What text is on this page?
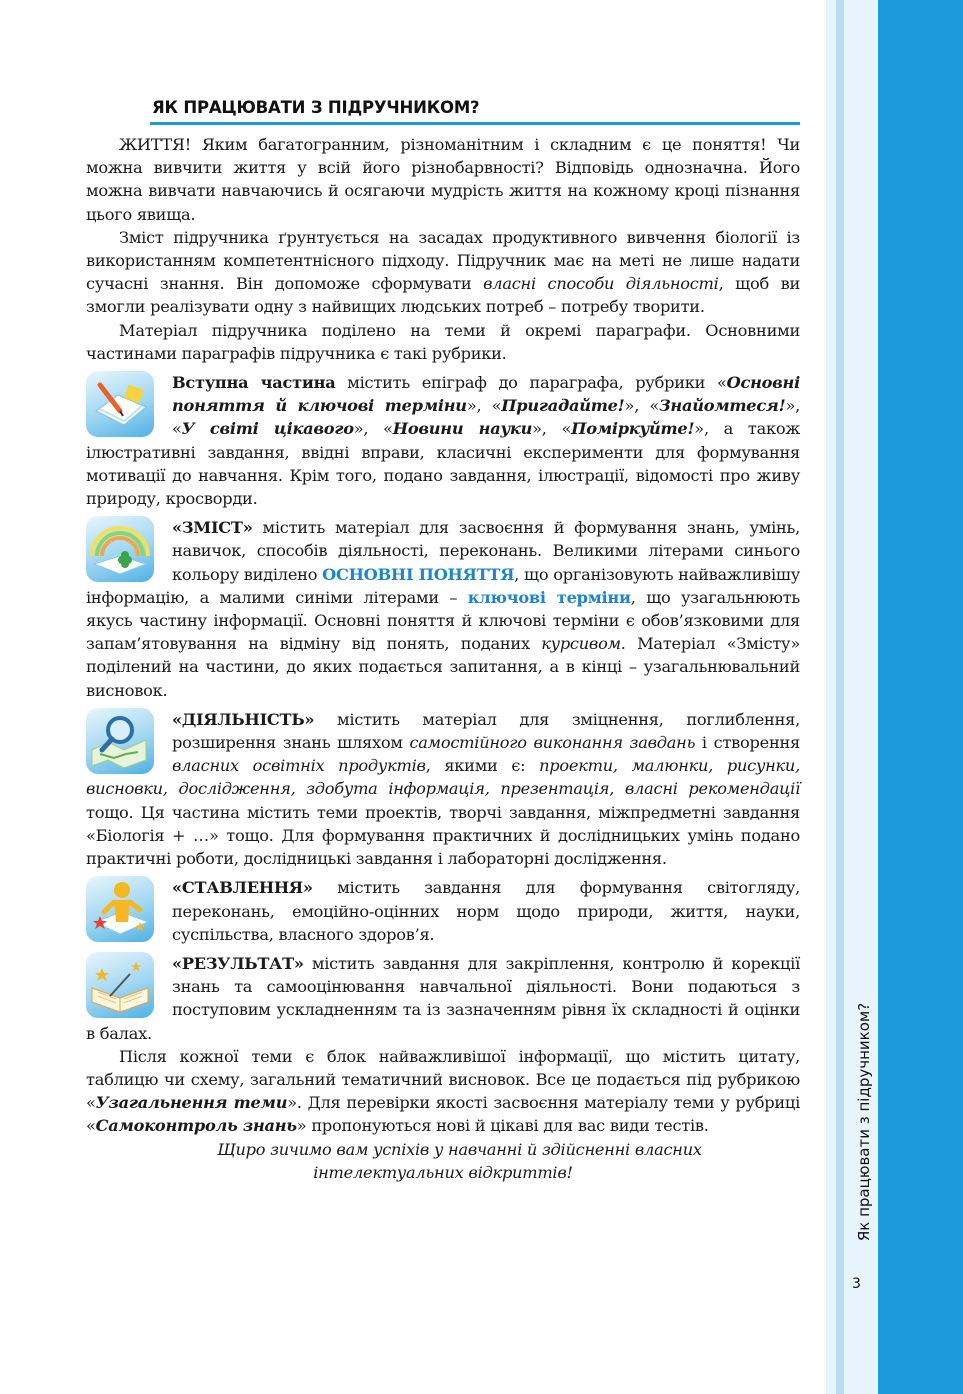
Як працювати з підручником?
3
ЯК ПРАЦЮВАТИ З ПІДРУЧНИКОМ?

ЖИТТЯ! Яким багатогранним, різноманітним і складним є це поняття! Чи можна вивчити життя у всій його різнобарвності? Відповідь однозначна. Його можна вивчати навчаючись й осягаючи мудрість життя на кожному кроці пізнання цього явища.

Зміст підручника ґрунтується на засадах продуктивного вивчення біології із використанням компетентнісного підходу. Підручник має на меті не лише надати сучасні знання. Він допоможе сформувати власні способи діяльності, щоб ви змогли реалізувати одну з найвищих людських потреб – потребу творити.

Матеріал підручника поділено на теми й окремі параграфи. Основними частинами параграфів підручника є такі рубрики.

Вступна частина містить епіграф до параграфа, рубрики «Основні поняття й ключові терміни», «Пригадайте!», «Знайомтеся!», «У світі цікавого», «Новини науки», «Поміркуйте!», а також ілюстративні завдання, ввідні вправи, класичні експерименти для формування мотивації до навчання. Крім того, подано завдання, ілюстрації, відомості про живу природу, кросворди.

«ЗМІСТ» містить матеріал для засвоєння й формування знань, умінь, навичок, способів діяльності, переконань. Великими літерами синього кольору виділено ОСНОВНІ ПОНЯТТЯ, що організовують найважливішу інформацію, а малими синіми літерами – ключові терміни, що узагальнюють якусь частину інформації. Основні поняття й ключові терміни є обов’язковими для запам’ятовування на відміну від понять, поданих курсивом. Матеріал «Змісту» поділений на частини, до яких подається запитання, а в кінці – узагальнювальний висновок.

«ДІЯЛЬНІСТЬ» містить матеріал для зміцнення, поглиблення, розширення знань шляхом самостійного виконання завдань і створення власних освітніх продуктів, якими є: проекти, малюнки, рисунки, висновки, дослідження, здобута інформація, презентація, власні рекомендації тощо. Ця частина містить теми проектів, творчі завдання, міжпредметні завдання «Біологія + …» тощо. Для формування практичних й дослідницьких умінь подано практичні роботи, дослідницькі завдання і лабораторні дослідження.

«СТАВЛЕННЯ» містить завдання для формування світогляду, переконань, емоційно-оцінних норм щодо природи, життя, науки, суспільства, власного здоров’я.

«РЕЗУЛЬТАТ» містить завдання для закріплення, контролю й корекції знань та самооцінювання навчальної діяльності. Вони подаються з поступовим ускладненням та із зазначенням рівня їх складності й оцінки в балах.

Після кожної теми є блок найважливішої інформації, що містить цитату, таблицю чи схему, загальний тематичний висновок. Все це подається під рубрикою «Узагальнення теми». Для перевірки якості засвоєння матеріалу теми у рубриці «Самоконтроль знань» пропонуються нові й цікаві для вас види тестів.

Щиро зичимо вам успіхів у навчанні й здійсненні власних
інтелектуальних відкриттів!
